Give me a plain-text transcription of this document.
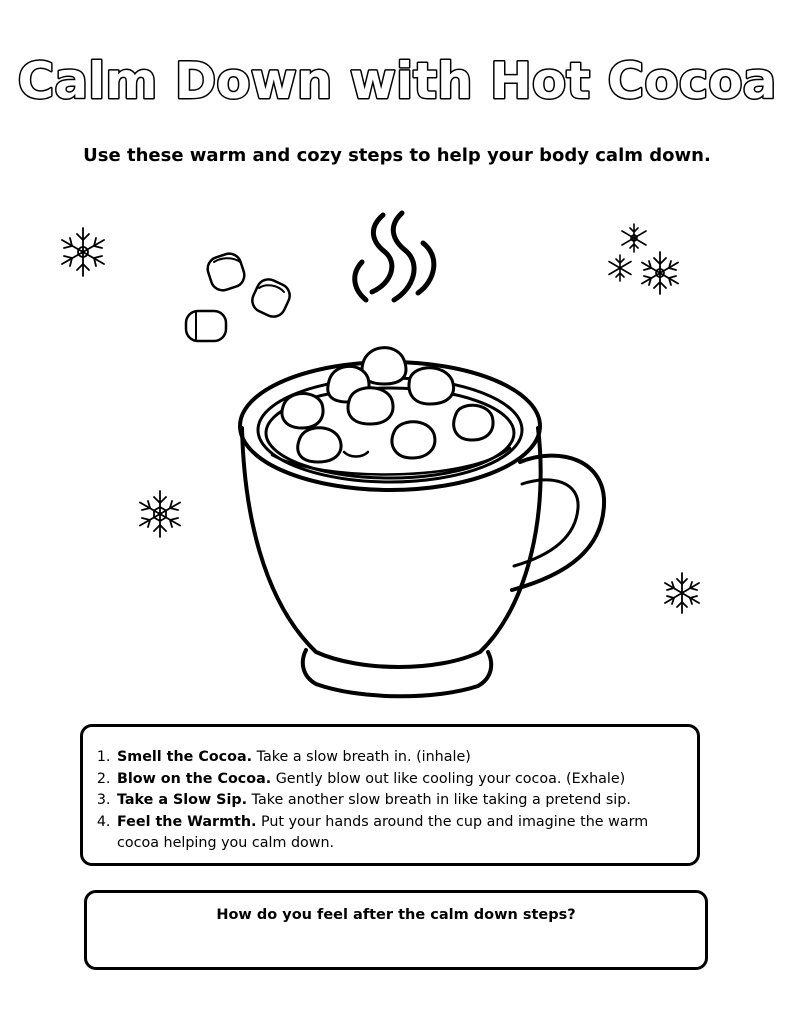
Calm Down with Hot Cocoa
Use these warm and cozy steps to help your body calm down.
1. Smell the Cocoa. Take a slow breath in. (inhale)
2. Blow on the Cocoa. Gently blow out like cooling your cocoa. (Exhale)
3. Take a Slow Sip. Take another slow breath in like taking a pretend sip.
4. Feel the Warmth. Put your hands around the cup and imagine the warm cocoa helping you calm down.
How do you feel after the calm down steps?
